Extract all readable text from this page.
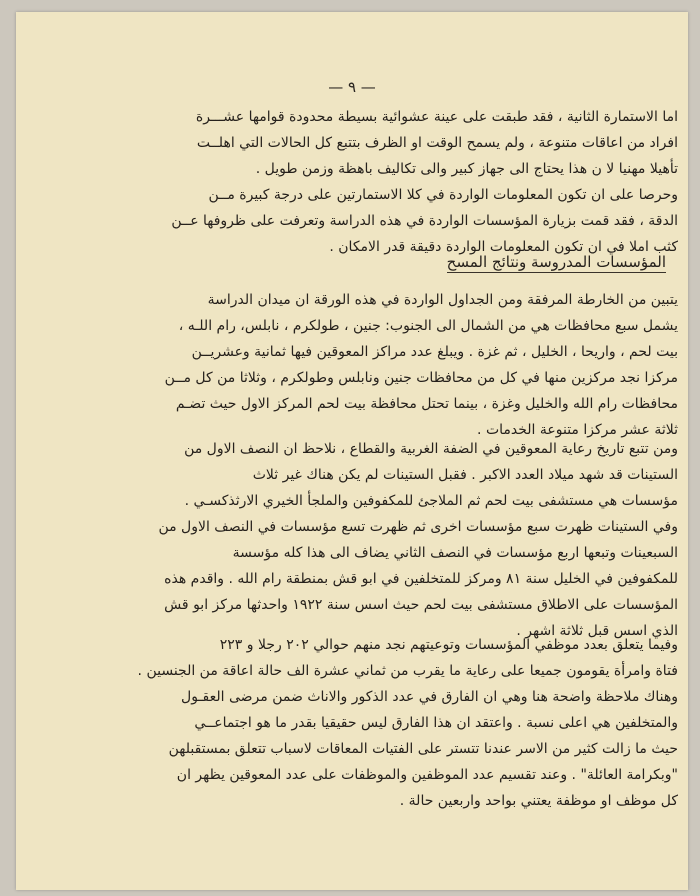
— ٩ —
اما الاستمارة الثانية ، فقد طبقت على عينة عشوائية بسيطة محدودة قوامها عشـــرة
افراد من اعاقات متنوعة ، ولم يسمح الوقت او الظرف بتتبع كل الحالات التي اهلــت
تأهيلا مهنيا لا ن هذا يحتاج الى جهاز كبير والى تكاليف باهظة وزمن طويل .
وحرصا على ان تكون المعلومات الواردة في كلا الاستمارتين على درجة كبيرة مــن
الدقة ، فقد قمت بزيارة المؤسسات الواردة في هذه الدراسة وتعرفت على ظروفها عــن
كثب املا في ان تكون المعلومات الواردة دقيقة قدر الامكان .
المؤسسات المدروسة ونتائج المسح
يتبين من الخارطة المرفقة ومن الجداول الواردة في هذه الورقة ان ميدان الدراسة
يشمل سبع محافظات هي من الشمال الى الجنوب: جنين ، طولكرم ، نابلس، رام اللـه ،
بيت لحم ، واريحا ، الخليل ، ثم غزة . ويبلغ عدد مراكز المعوقين فيها ثمانية وعشريــن
مركزا نجد مركزين منها في كل من محافظات جنين ونابلس وطولكرم ، وثلاثا من كل مــن
محافظات رام الله والخليل وغزة ، بينما تحتل محافظة بيت لحم المركز الاول حيث تضـم
ثلاثة عشر مركزا متنوعة الخدمات .
ومن تتبع تاريخ رعاية المعوقين في الضفة الغربية والقطاع ، نلاحظ ان النصف الاول من
الستينات قد شهد ميلاد العدد الاكبر . فقبل الستينات لم يكن هناك غير ثلاث
مؤسسات هي مستشفى بيت لحم ثم الملاجئ للمكفوفين والملجأ الخيري الارثذكسـي .
وفي الستينات ظهرت سبع مؤسسات اخرى ثم ظهرت تسع مؤسسات في النصف الاول من
السبعينات وتبعها اربع مؤسسات في النصف الثاني يضاف الى هذا كله مؤسسة
للمكفوفين في الخليل سنة ٨١ ومركز للمتخلفين في ابو قش بمنطقة رام الله . واقدم هذه
المؤسسات على الاطلاق مستشفى بيت لحم حيث اسس سنة ١٩٢٢ واحدثها مركز ابو قش
الذي اسس قبل ثلاثة اشهر .
وفيما يتعلق بعدد موظفي المؤسسات وتوعيتهم نجد منهم حوالي ٢٠٢ رجلا و ٢٢٣
فتاة وامرأة يقومون جميعا على رعاية ما يقرب من ثماني عشرة الف حالة اعاقة من الجنسين .
وهناك ملاحظة واضحة هنا وهي ان الفارق في عدد الذكور والاناث ضمن مرضى العقـول
والمتخلفين هي اعلى نسبة . واعتقد ان هذا الفارق ليس حقيقيا بقدر ما هو اجتماعــي
حيث ما زالت كثير من الاسر عندنا تتستر على الفتيات المعاقات لاسباب تتعلق بمستقبلهن
"وبكرامة العائلة" . وعند تقسيم عدد الموظفين والموظفات على عدد المعوقين يظهر ان
كل موظف او موظفة يعتني بواحد واربعين حالة .
